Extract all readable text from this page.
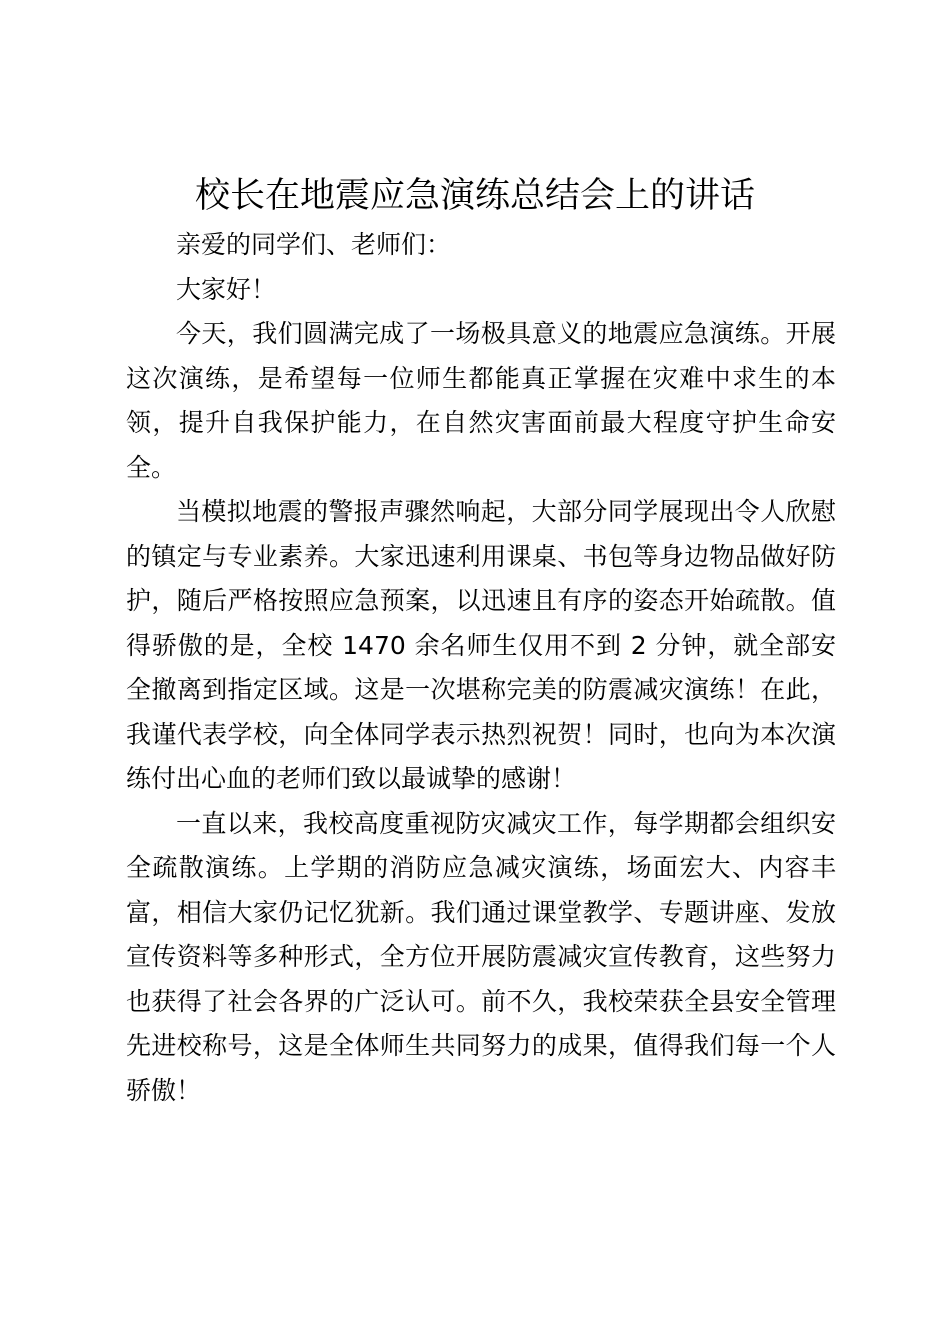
校长在地震应急演练总结会上的讲话

亲爱的同学们、老师们：

大家好！

今天，我们圆满完成了一场极具意义的地震应急演练。开展这次演练，是希望每一位师生都能真正掌握在灾难中求生的本领，提升自我保护能力，在自然灾害面前最大程度守护生命安全。

当模拟地震的警报声骤然响起，大部分同学展现出令人欣慰的镇定与专业素养。大家迅速利用课桌、书包等身边物品做好防护，随后严格按照应急预案，以迅速且有序的姿态开始疏散。值得骄傲的是，全校 1470 余名师生仅用不到 2 分钟，就全部安全撤离到指定区域。这是一次堪称完美的防震减灾演练！在此，我谨代表学校，向全体同学表示热烈祝贺！同时，也向为本次演练付出心血的老师们致以最诚挚的感谢！

一直以来，我校高度重视防灾减灾工作，每学期都会组织安全疏散演练。上学期的消防应急减灾演练，场面宏大、内容丰富，相信大家仍记忆犹新。我们通过课堂教学、专题讲座、发放宣传资料等多种形式，全方位开展防震减灾宣传教育，这些努力也获得了社会各界的广泛认可。前不久，我校荣获全县安全管理先进校称号，这是全体师生共同努力的成果，值得我们每一个人骄傲！
